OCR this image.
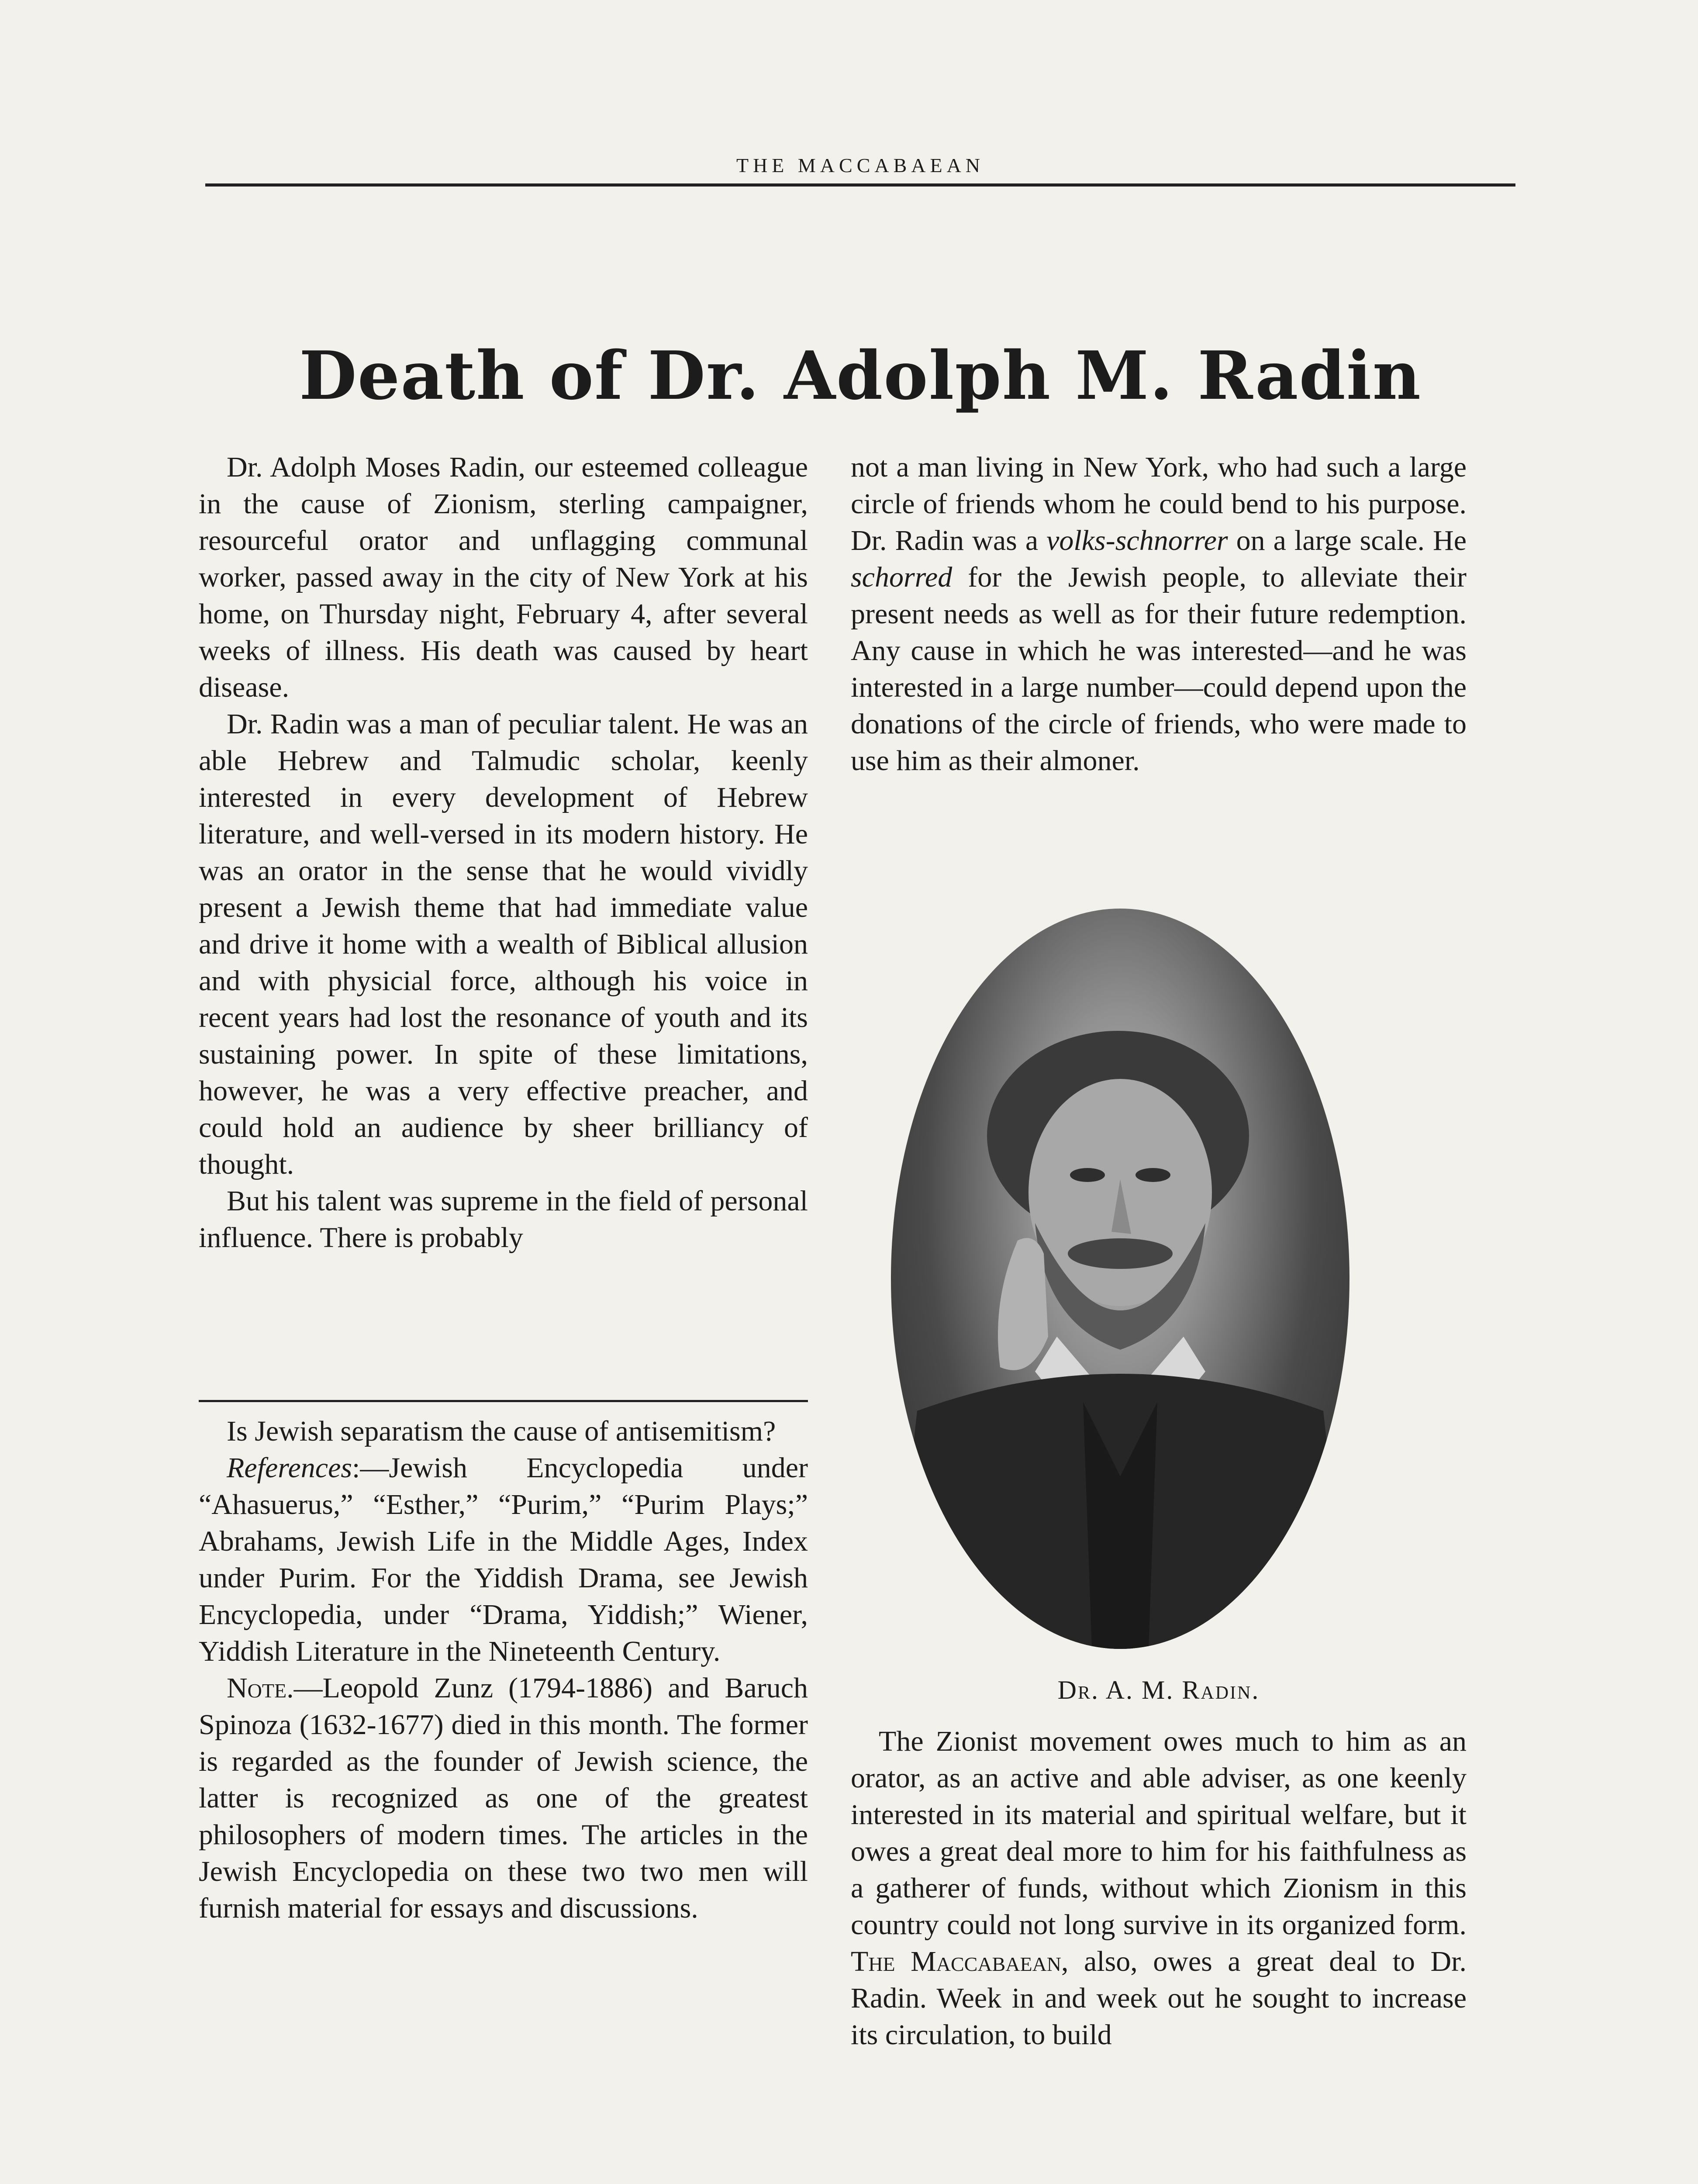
THE MACCABAEAN
Death of Dr. Adolph M. Radin

Dr. Adolph Moses Radin, our esteemed colleague in the cause of Zionism, sterling campaigner, resourceful orator and unflagging communal worker, passed away in the city of New York at his home, on Thursday night, February 4, after several weeks of illness. His death was caused by heart disease.

Dr. Radin was a man of peculiar talent. He was an able Hebrew and Talmudic scholar, keenly interested in every development of Hebrew literature, and well-versed in its modern history. He was an orator in the sense that he would vividly present a Jewish theme that had immediate value and drive it home with a wealth of Biblical allusion and with physicial force, although his voice in recent years had lost the resonance of youth and its sustaining power. In spite of these limitations, however, he was a very effective preacher, and could hold an audience by sheer brilliancy of thought.

But his talent was supreme in the field of personal influence. There is probably

not a man living in New York, who had such a large circle of friends whom he could bend to his purpose. Dr. Radin was a volks-schnorrer on a large scale. He schorred for the Jewish people, to alleviate their present needs as well as for their future redemption. Any cause in which he was interested—and he was interested in a large number—could depend upon the donations of the circle of friends, who were made to use him as their almoner.

Dr. A. M. Radin.

The Zionist movement owes much to him as an orator, as an active and able adviser, as one keenly interested in its material and spiritual welfare, but it owes a great deal more to him for his faithfulness as a gatherer of funds, without which Zionism in this country could not long survive in its organized form. The Maccabaean, also, owes a great deal to Dr. Radin. Week in and week out he sought to increase its circulation, to build

Is Jewish separatism the cause of antisemitism?

References:—Jewish Encyclopedia under “Ahasuerus,” “Esther,” “Purim,” “Purim Plays;” Abrahams, Jewish Life in the Middle Ages, Index under Purim. For the Yiddish Drama, see Jewish Encyclopedia, under “Drama, Yiddish;” Wiener, Yiddish Literature in the Nineteenth Century.

Note.—Leopold Zunz (1794-1886) and Baruch Spinoza (1632-1677) died in this month. The former is regarded as the founder of Jewish science, the latter is recognized as one of the greatest philosophers of modern times. The articles in the Jewish Encyclopedia on these two two men will furnish material for essays and discussions.
